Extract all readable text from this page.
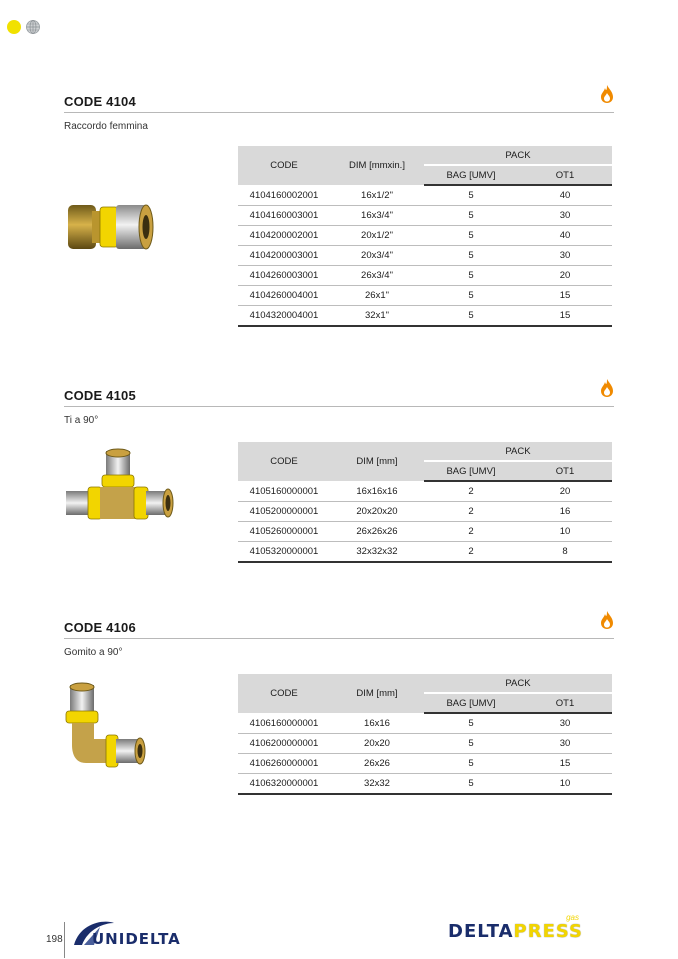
CODE 4104
Raccordo femmina
CODE	DIM [mmxin.]	PACK	
		BAG [UMV]	OT1
4104160002001	16x1/2"	5	40
4104160003001	16x3/4"	5	30
4104200002001	20x1/2"	5	40
4104200003001	20x3/4"	5	30
4104260003001	26x3/4"	5	20
4104260004001	26x1"	5	15
4104320004001	32x1"	5	15
CODE 4105
Ti a 90°
CODE	DIM [mm]	PACK	
		BAG [UMV]	OT1
4105160000001	16x16x16	2	20
4105200000001	20x20x20	2	16
4105260000001	26x26x26	2	10
4105320000001	32x32x32	2	8
CODE 4106
Gomito a 90°
CODE	DIM [mm]	PACK	
		BAG [UMV]	OT1
4106160000001	16x16	5	30
4106200000001	20x20	5	30
4106260000001	26x26	5	15
4106320000001	32x32	5	10
198 UNIDELTA	DELTAPRESS
gas
